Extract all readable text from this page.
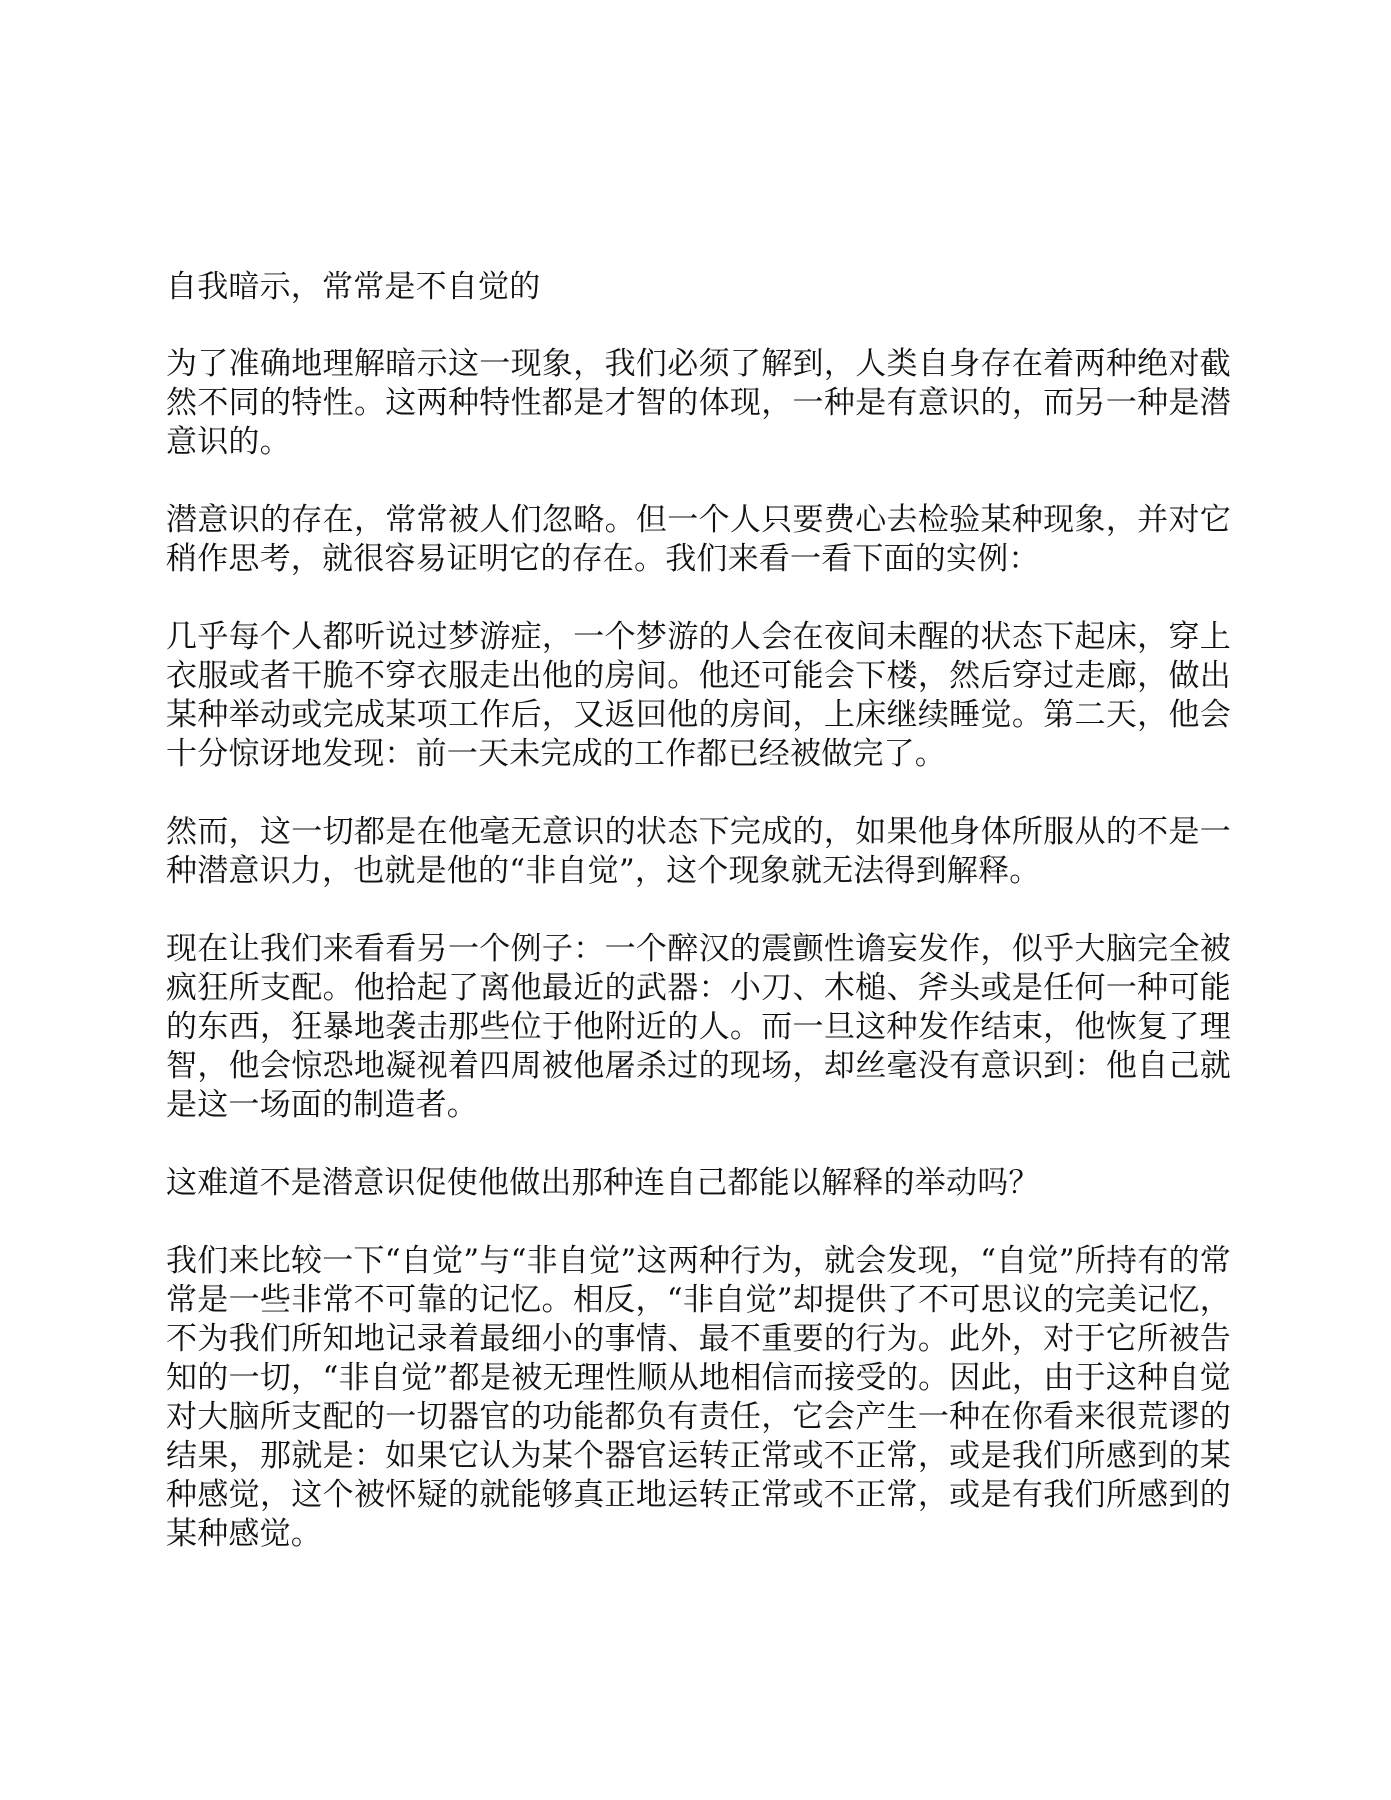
自我暗示，常常是不自觉的

为了准确地理解暗示这一现象，我们必须了解到，人类自身存在着两种绝对截然不同的特性。这两种特性都是才智的体现，一种是有意识的，而另一种是潜意识的。

潜意识的存在，常常被人们忽略。但一个人只要费心去检验某种现象，并对它稍作思考，就很容易证明它的存在。我们来看一看下面的实例：

几乎每个人都听说过梦游症，一个梦游的人会在夜间未醒的状态下起床，穿上衣服或者干脆不穿衣服走出他的房间。他还可能会下楼，然后穿过走廊，做出某种举动或完成某项工作后，又返回他的房间，上床继续睡觉。第二天，他会十分惊讶地发现：前一天未完成的工作都已经被做完了。

然而，这一切都是在他毫无意识的状态下完成的，如果他身体所服从的不是一种潜意识力，也就是他的“非自觉”，这个现象就无法得到解释。

现在让我们来看看另一个例子：一个醉汉的震颤性谵妄发作，似乎大脑完全被疯狂所支配。他拾起了离他最近的武器：小刀、木槌、斧头或是任何一种可能的东西，狂暴地袭击那些位于他附近的人。而一旦这种发作结束，他恢复了理智，他会惊恐地凝视着四周被他屠杀过的现场，却丝毫没有意识到：他自己就是这一场面的制造者。

这难道不是潜意识促使他做出那种连自己都能以解释的举动吗？

我们来比较一下“自觉”与“非自觉”这两种行为，就会发现，“自觉”所持有的常常是一些非常不可靠的记忆。相反，“非自觉”却提供了不可思议的完美记忆，不为我们所知地记录着最细小的事情、最不重要的行为。此外，对于它所被告知的一切，“非自觉”都是被无理性顺从地相信而接受的。因此，由于这种自觉对大脑所支配的一切器官的功能都负有责任，它会产生一种在你看来很荒谬的结果，那就是：如果它认为某个器官运转正常或不正常，或是我们所感到的某种感觉，这个被怀疑的就能够真正地运转正常或不正常，或是有我们所感到的某种感觉。
